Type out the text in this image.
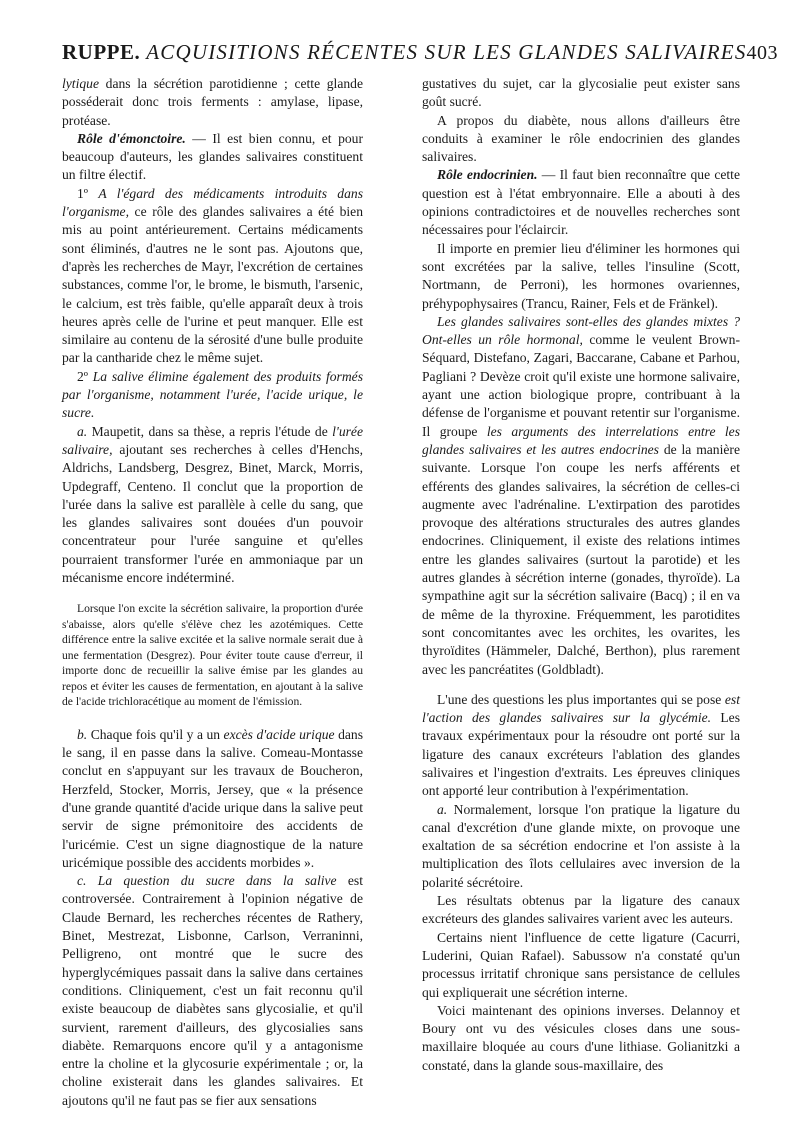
RUPPE. ACQUISITIONS RÉCENTES SUR LES GLANDES SALIVAIRES 403

lytique dans la sécrétion parotidienne ; cette glande posséderait donc trois ferments : amylase, lipase, protéase.

Rôle d'émonctoire. — Il est bien connu, et pour beaucoup d'auteurs, les glandes salivaires constituent un filtre électif.

1º A l'égard des médicaments introduits dans l'organisme, ce rôle des glandes salivaires a été bien mis au point antérieurement. Certains médicaments sont éliminés, d'autres ne le sont pas. Ajoutons que, d'après les recherches de Mayr, l'excrétion de certaines substances, comme l'or, le brome, le bismuth, l'arsenic, le calcium, est très faible, qu'elle apparaît deux à trois heures après celle de l'urine et peut manquer. Elle est similaire au contenu de la sérosité d'une bulle produite par la cantharide chez le même sujet.

2º La salive élimine également des produits formés par l'organisme, notamment l'urée, l'acide urique, le sucre.

a. Maupetit, dans sa thèse, a repris l'étude de l'urée salivaire, ajoutant ses recherches à celles d'Henchs, Aldrichs, Landsberg, Desgrez, Binet, Marck, Morris, Updegraff, Centeno. Il conclut que la proportion de l'urée dans la salive est parallèle à celle du sang, que les glandes salivaires sont douées d'un pouvoir concentrateur pour l'urée sanguine et qu'elles pourraient transformer l'urée en ammoniaque par un mécanisme encore indéterminé.

Lorsque l'on excite la sécrétion salivaire, la proportion d'urée s'abaisse, alors qu'elle s'élève chez les azotémiques. Cette différence entre la salive excitée et la salive normale serait due à une fermentation (Desgrez). Pour éviter toute cause d'erreur, il importe donc de recueillir la salive émise par les glandes au repos et éviter les causes de fermentation, en ajoutant à la salive de l'acide trichloracétique au moment de l'émission.

b. Chaque fois qu'il y a un excès d'acide urique dans le sang, il en passe dans la salive. Comeau-Montasse conclut en s'appuyant sur les travaux de Boucheron, Herzfeld, Stocker, Morris, Jersey, que « la présence d'une grande quantité d'acide urique dans la salive peut servir de signe prémonitoire des accidents de l'uricémie. C'est un signe diagnostique de la nature uricémique possible des accidents morbides ».

c. La question du sucre dans la salive est controversée. Contrairement à l'opinion négative de Claude Bernard, les recherches récentes de Rathery, Binet, Mestrezat, Lisbonne, Carlson, Verraninni, Pelligreno, ont montré que le sucre des hyperglycémiques passait dans la salive dans certaines conditions. Cliniquement, c'est un fait reconnu qu'il existe beaucoup de diabètes sans glycosialie, et qu'il survient, rarement d'ailleurs, des glycosialies sans diabète. Remarquons encore qu'il y a antagonisme entre la choline et la glycosurie expérimentale ; or, la choline existerait dans les glandes salivaires. Et ajoutons qu'il ne faut pas se fier aux sensations

gustatives du sujet, car la glycosialie peut exister sans goût sucré.

A propos du diabète, nous allons d'ailleurs être conduits à examiner le rôle endocrinien des glandes salivaires.

Rôle endocrinien. — Il faut bien reconnaître que cette question est à l'état embryonnaire. Elle a abouti à des opinions contradictoires et de nouvelles recherches sont nécessaires pour l'éclaircir.

Il importe en premier lieu d'éliminer les hormones qui sont excrétées par la salive, telles l'insuline (Scott, Nortmann, de Perroni), les hormones ovariennes, préhypophysaires (Trancu, Rainer, Fels et de Fränkel).

Les glandes salivaires sont-elles des glandes mixtes ? Ont-elles un rôle hormonal, comme le veulent Brown-Séquard, Distefano, Zagari, Baccarane, Cabane et Parhou, Pagliani ? Devèze croit qu'il existe une hormone salivaire, ayant une action biologique propre, contribuant à la défense de l'organisme et pouvant retentir sur l'organisme. Il groupe les arguments des interrelations entre les glandes salivaires et les autres endocrines de la manière suivante. Lorsque l'on coupe les nerfs afférents et efférents des glandes salivaires, la sécrétion de celles-ci augmente avec l'adrénaline. L'extirpation des parotides provoque des altérations structurales des autres glandes endocrines. Cliniquement, il existe des relations intimes entre les glandes salivaires (surtout la parotide) et les autres glandes à sécrétion interne (gonades, thyroïde). La sympathine agit sur la sécrétion salivaire (Bacq) ; il en va de même de la thyroxine. Fréquemment, les parotidites sont concomitantes avec les orchites, les ovarites, les thyroïdites (Hämmeler, Dalché, Berthon), plus rarement avec les pancréatites (Goldbladt).

L'une des questions les plus importantes qui se pose est l'action des glandes salivaires sur la glycémie. Les travaux expérimentaux pour la résoudre ont porté sur la ligature des canaux excréteurs l'ablation des glandes salivaires et l'ingestion d'extraits. Les épreuves cliniques ont apporté leur contribution à l'expérimentation.

a. Normalement, lorsque l'on pratique la ligature du canal d'excrétion d'une glande mixte, on provoque une exaltation de sa sécrétion endocrine et l'on assiste à la multiplication des îlots cellulaires avec inversion de la polarité sécrétoire.

Les résultats obtenus par la ligature des canaux excréteurs des glandes salivaires varient avec les auteurs.

Certains nient l'influence de cette ligature (Cacurri, Luderini, Quian Rafael). Sabussow n'a constaté qu'un processus irritatif chronique sans persistance de cellules qui expliquerait une sécrétion interne.

Voici maintenant des opinions inverses. Delannoy et Boury ont vu des vésicules closes dans une sous-maxillaire bloquée au cours d'une lithiase. Golianitzki a constaté, dans la glande sous-maxillaire, des
